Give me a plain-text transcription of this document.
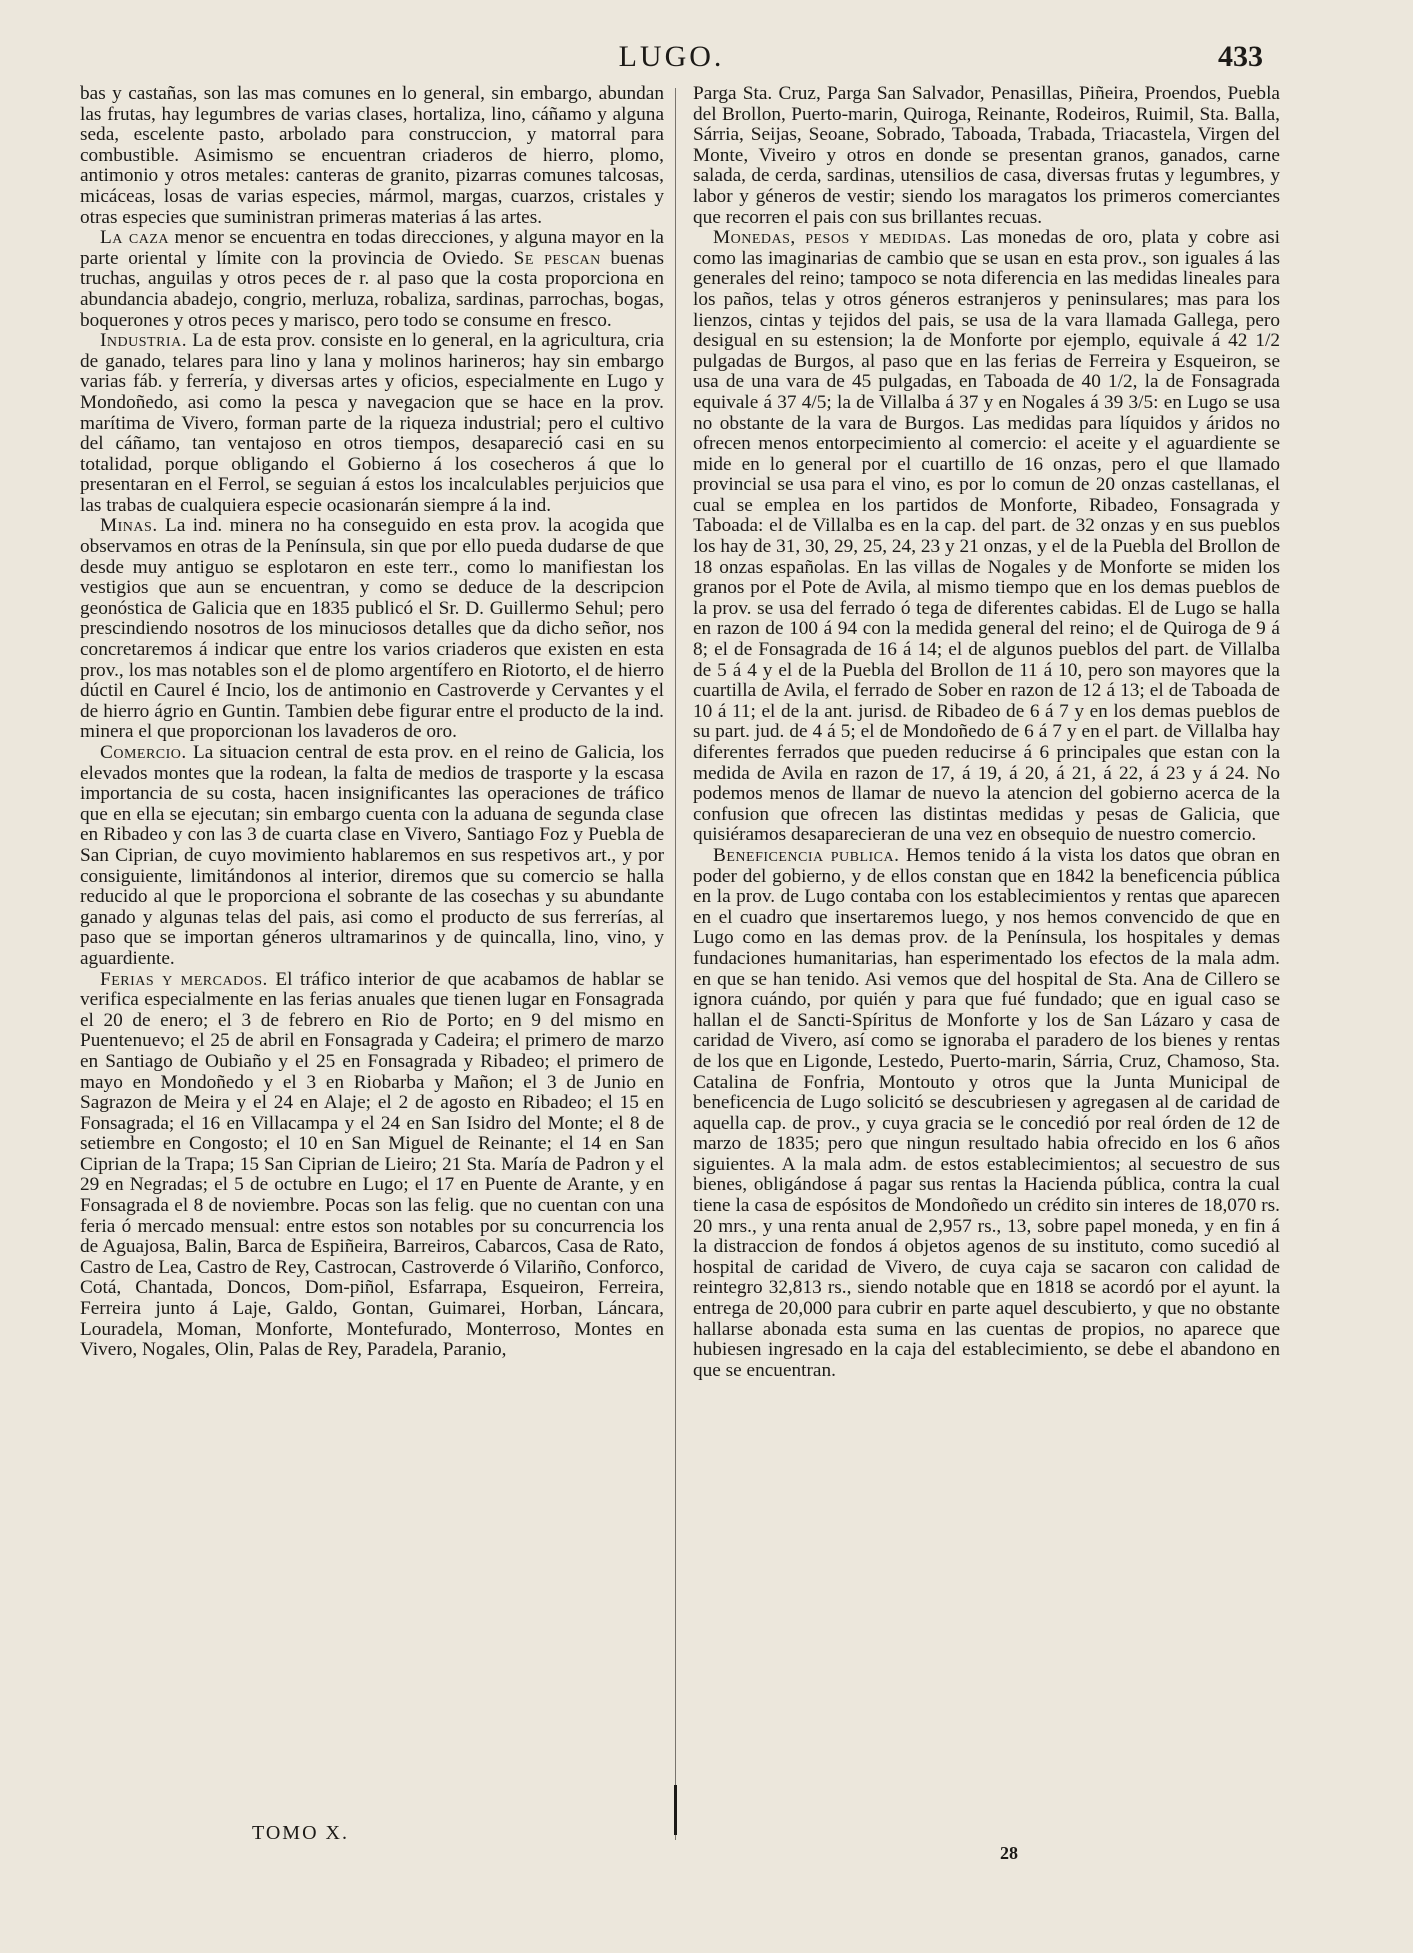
LUGO.	433

bas y castañas, son las mas comunes en lo general, sin embargo, abundan las frutas, hay legumbres de varias clases, hortaliza, lino, cáñamo y alguna seda, escelente pasto, arbolado para construccion, y matorral para combustible. Asimismo se encuentran criaderos de hierro, plomo, antimonio y otros metales: canteras de granito, pizarras comunes talcosas, micáceas, losas de varias especies, mármol, margas, cuarzos, cristales y otras especies que suministran primeras materias á las artes.

La caza menor se encuentra en todas direcciones, y alguna mayor en la parte oriental y límite con la provincia de Oviedo. Se pescan buenas truchas, anguilas y otros peces de r. al paso que la costa proporciona en abundancia abadejo, congrio, merluza, robaliza, sardinas, parrochas, bogas, boquerones y otros peces y marisco, pero todo se consume en fresco.

Industria. La de esta prov. consiste en lo general, en la agricultura, cria de ganado, telares para lino y lana y molinos harineros; hay sin embargo varias fáb. y ferrería, y diversas artes y oficios, especialmente en Lugo y Mondoñedo, asi como la pesca y navegacion que se hace en la prov. marítima de Vivero, forman parte de la riqueza industrial; pero el cultivo del cáñamo, tan ventajoso en otros tiempos, desapareció casi en su totalidad, porque obligando el Gobierno á los cosecheros á que lo presentaran en el Ferrol, se seguian á estos los incalculables perjuicios que las trabas de cualquiera especie ocasionarán siempre á la ind.

Minas. La ind. minera no ha conseguido en esta prov. la acogida que observamos en otras de la Península, sin que por ello pueda dudarse de que desde muy antiguo se esplotaron en este terr., como lo manifiestan los vestigios que aun se encuentran, y como se deduce de la descripcion geonóstica de Galicia que en 1835 publicó el Sr. D. Guillermo Sehul; pero prescindiendo nosotros de los minuciosos detalles que da dicho señor, nos concretaremos á indicar que entre los varios criaderos que existen en esta prov., los mas notables son el de plomo argentífero en Riotorto, el de hierro dúctil en Caurel é Incio, los de antimonio en Castroverde y Cervantes y el de hierro ágrio en Guntin. Tambien debe figurar entre el producto de la ind. minera el que proporcionan los lavaderos de oro.

Comercio. La situacion central de esta prov. en el reino de Galicia, los elevados montes que la rodean, la falta de medios de trasporte y la escasa importancia de su costa, hacen insignificantes las operaciones de tráfico que en ella se ejecutan; sin embargo cuenta con la aduana de segunda clase en Ribadeo y con las 3 de cuarta clase en Vivero, Santiago Foz y Puebla de San Ciprian, de cuyo movimiento hablaremos en sus respetivos art., y por consiguiente, limitándonos al interior, diremos que su comercio se halla reducido al que le proporciona el sobrante de las cosechas y su abundante ganado y algunas telas del pais, asi como el producto de sus ferrerías, al paso que se importan géneros ultramarinos y de quincalla, lino, vino, y aguardiente.

Ferias y mercados. El tráfico interior de que acabamos de hablar se verifica especialmente en las ferias anuales que tienen lugar en Fonsagrada el 20 de enero; el 3 de febrero en Rio de Porto; en 9 del mismo en Puentenuevo; el 25 de abril en Fonsagrada y Cadeira; el primero de marzo en Santiago de Oubiaño y el 25 en Fonsagrada y Ribadeo; el primero de mayo en Mondoñedo y el 3 en Riobarba y Mañon; el 3 de Junio en Sagrazon de Meira y el 24 en Alaje; el 2 de agosto en Ribadeo; el 15 en Fonsagrada; el 16 en Villacampa y el 24 en San Isidro del Monte; el 8 de setiembre en Congosto; el 10 en San Miguel de Reinante; el 14 en San Ciprian de la Trapa; 15 San Ciprian de Lieiro; 21 Sta. María de Padron y el 29 en Negradas; el 5 de octubre en Lugo; el 17 en Puente de Arante, y en Fonsagrada el 8 de noviembre. Pocas son las felig. que no cuentan con una feria ó mercado mensual: entre estos son notables por su concurrencia los de Aguajosa, Balin, Barca de Espiñeira, Barreiros, Cabarcos, Casa de Rato, Castro de Lea, Castro de Rey, Castrocan, Castroverde ó Vilariño, Conforco, Cotá, Chantada, Doncos, Dom-piñol, Esfarrapa, Esqueiron, Ferreira, Ferreira junto á Laje, Galdo, Gontan, Guimarei, Horban, Láncara, Louradela, Moman, Monforte, Montefurado, Monterroso, Montes en Vivero, Nogales, Olin, Palas de Rey, Paradela, Paranio,

Parga Sta. Cruz, Parga San Salvador, Penasillas, Piñeira, Proendos, Puebla del Brollon, Puerto-marin, Quiroga, Reinante, Rodeiros, Ruimil, Sta. Balla, Sárria, Seijas, Seoane, Sobrado, Taboada, Trabada, Triacastela, Virgen del Monte, Viveiro y otros en donde se presentan granos, ganados, carne salada, de cerda, sardinas, utensilios de casa, diversas frutas y legumbres, y labor y géneros de vestir; siendo los maragatos los primeros comerciantes que recorren el pais con sus brillantes recuas.

Monedas, pesos y medidas. Las monedas de oro, plata y cobre asi como las imaginarias de cambio que se usan en esta prov., son iguales á las generales del reino; tampoco se nota diferencia en las medidas lineales para los paños, telas y otros géneros estranjeros y peninsulares; mas para los lienzos, cintas y tejidos del pais, se usa de la vara llamada Gallega, pero desigual en su estension; la de Monforte por ejemplo, equivale á 42 1/2 pulgadas de Burgos, al paso que en las ferias de Ferreira y Esqueiron, se usa de una vara de 45 pulgadas, en Taboada de 40 1/2, la de Fonsagrada equivale á 37 4/5; la de Villalba á 37 y en Nogales á 39 3/5: en Lugo se usa no obstante de la vara de Burgos. Las medidas para líquidos y áridos no ofrecen menos entorpecimiento al comercio: el aceite y el aguardiente se mide en lo general por el cuartillo de 16 onzas, pero el que llamado provincial se usa para el vino, es por lo comun de 20 onzas castellanas, el cual se emplea en los partidos de Monforte, Ribadeo, Fonsagrada y Taboada: el de Villalba es en la cap. del part. de 32 onzas y en sus pueblos los hay de 31, 30, 29, 25, 24, 23 y 21 onzas, y el de la Puebla del Brollon de 18 onzas españolas. En las villas de Nogales y de Monforte se miden los granos por el Pote de Avila, al mismo tiempo que en los demas pueblos de la prov. se usa del ferrado ó tega de diferentes cabidas. El de Lugo se halla en razon de 100 á 94 con la medida general del reino; el de Quiroga de 9 á 8; el de Fonsagrada de 16 á 14; el de algunos pueblos del part. de Villalba de 5 á 4 y el de la Puebla del Brollon de 11 á 10, pero son mayores que la cuartilla de Avila, el ferrado de Sober en razon de 12 á 13; el de Taboada de 10 á 11; el de la ant. jurisd. de Ribadeo de 6 á 7 y en los demas pueblos de su part. jud. de 4 á 5; el de Mondoñedo de 6 á 7 y en el part. de Villalba hay diferentes ferrados que pueden reducirse á 6 principales que estan con la medida de Avila en razon de 17, á 19, á 20, á 21, á 22, á 23 y á 24. No podemos menos de llamar de nuevo la atencion del gobierno acerca de la confusion que ofrecen las distintas medidas y pesas de Galicia, que quisiéramos desaparecieran de una vez en obsequio de nuestro comercio.

Beneficencia publica. Hemos tenido á la vista los datos que obran en poder del gobierno, y de ellos constan que en 1842 la beneficencia pública en la prov. de Lugo contaba con los establecimientos y rentas que aparecen en el cuadro que insertaremos luego, y nos hemos convencido de que en Lugo como en las demas prov. de la Península, los hospitales y demas fundaciones humanitarias, han esperimentado los efectos de la mala adm. en que se han tenido. Asi vemos que del hospital de Sta. Ana de Cillero se ignora cuándo, por quién y para que fué fundado; que en igual caso se hallan el de Sancti-Spíritus de Monforte y los de San Lázaro y casa de caridad de Vivero, así como se ignoraba el paradero de los bienes y rentas de los que en Ligonde, Lestedo, Puerto-marin, Sárria, Cruz, Chamoso, Sta. Catalina de Fonfria, Montouto y otros que la Junta Municipal de beneficencia de Lugo solicitó se descubriesen y agregasen al de caridad de aquella cap. de prov., y cuya gracia se le concedió por real órden de 12 de marzo de 1835; pero que ningun resultado habia ofrecido en los 6 años siguientes. A la mala adm. de estos establecimientos; al secuestro de sus bienes, obligándose á pagar sus rentas la Hacienda pública, contra la cual tiene la casa de espósitos de Mondoñedo un crédito sin interes de 18,070 rs. 20 mrs., y una renta anual de 2,957 rs., 13, sobre papel moneda, y en fin á la distraccion de fondos á objetos agenos de su instituto, como sucedió al hospital de caridad de Vivero, de cuya caja se sacaron con calidad de reintegro 32,813 rs., siendo notable que en 1818 se acordó por el ayunt. la entrega de 20,000 para cubrir en parte aquel descubierto, y que no obstante hallarse abonada esta suma en las cuentas de propios, no aparece que hubiesen ingresado en la caja del establecimiento, se debe el abandono en que se encuentran.

TOMO X.
28
